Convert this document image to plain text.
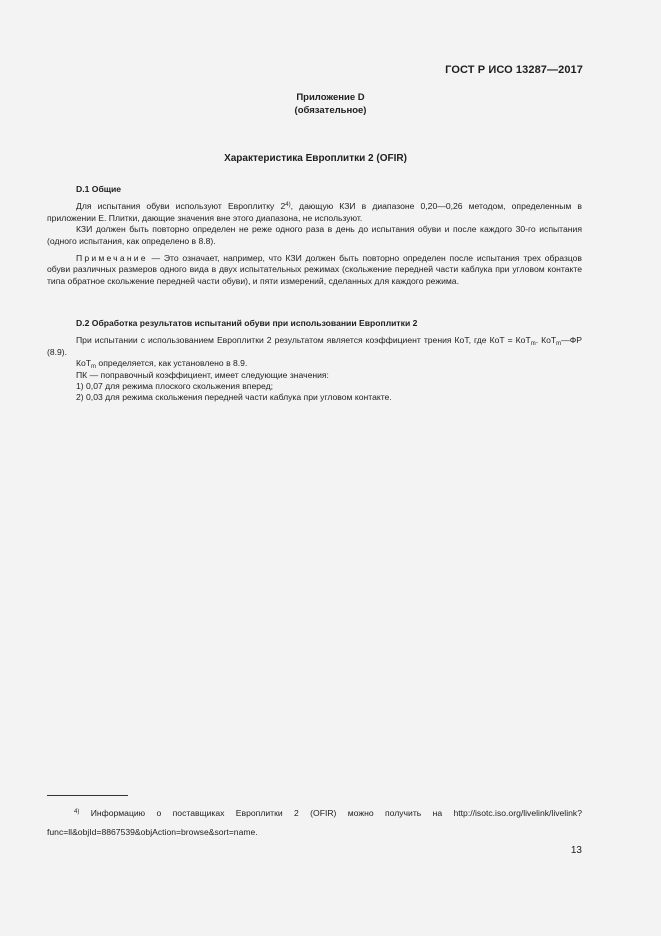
ГОСТ Р ИСО 13287—2017
Приложение D
(обязательное)
Характеристика Европлитки 2 (OFIR)
D.1 Общие

Для испытания обуви используют Европлитку 2$^{4)}$, дающую КЗИ в диапазоне 0,20—0,26 методом, определенным в приложении Е. Плитки, дающие значения вне этого диапазона, не используют.

КЗИ должен быть повторно определен не реже одного раза в день до испытания обуви и после каждого 30-го испытания (одного испытания, как определено в 8.8).

Примечание — Это означает, например, что КЗИ должен быть повторно определен после испытания трех образцов обуви различных размеров одного вида в двух испытательных режимах (скольжение передней части каблука при угловом контакте типа обратное скольжение передней части обуви), и пяти измерений, сделанных для каждого режима.

D.2 Обработка результатов испытаний обуви при использовании Европлитки 2

При испытании с использованием Европлитки 2 результатом является коэффициент трения КоТ, где КоТ = КоТ$_m$. КоТ$_m$—ФР (8.9).

КоТ$_m$ определяется, как установлено в 8.9.

ПК — поправочный коэффициент, имеет следующие значения:

1) 0,07 для режима плоского скольжения вперед;

2) 0,03 для режима скольжения передней части каблука при угловом контакте.

$^{4)}$ Информацию о поставщиках Европлитки 2 (OFIR) можно получить на http://isotc.iso.org/livelink/livelink?func=ll&objId=8867539&objAction=browse&sort=name.
13
